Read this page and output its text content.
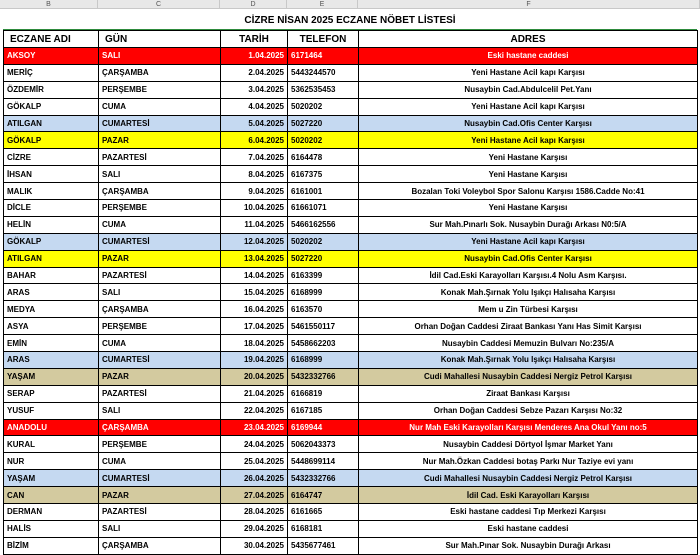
B	C	D	E	F
CİZRE NİSAN 2025 ECZANE NÖBET LİSTESİ
ECZANE ADI	GÜN	TARİH	TELEFON	ADRES
AKSOY	SALI	1.04.2025	6171464	Eski hastane caddesi
MERİÇ	ÇARŞAMBA	2.04.2025	5443244570	Yeni Hastane Acil kapı Karşısı
ÖZDEMİR	PERŞEMBE	3.04.2025	5362535453	Nusaybin Cad.Abdulcelil Pet.Yanı
GÖKALP	CUMA	4.04.2025	5020202	Yeni Hastane Acil kapı Karşısı
ATILGAN	CUMARTESİ	5.04.2025	5027220	Nusaybin Cad.Ofis Center Karşısı
GÖKALP	PAZAR	6.04.2025	5020202	Yeni Hastane Acil kapı Karşısı
CİZRE	PAZARTESİ	7.04.2025	6164478	Yeni Hastane Karşısı
İHSAN	SALI	8.04.2025	6167375	Yeni Hastane Karşısı
MALIK	ÇARŞAMBA	9.04.2025	6161001	Bozalan Toki Voleybol Spor Salonu Karşısı 1586.Cadde No:41
DİCLE	PERŞEMBE	10.04.2025	61661071	Yeni Hastane Karşısı
HELİN	CUMA	11.04.2025	5466162556	Sur Mah.Pınarlı Sok. Nusaybin Durağı Arkası N0:5/A
GÖKALP	CUMARTESİ	12.04.2025	5020202	Yeni Hastane Acil kapı Karşısı
ATILGAN	PAZAR	13.04.2025	5027220	Nusaybin Cad.Ofis Center Karşısı
BAHAR	PAZARTESİ	14.04.2025	6163399	İdil Cad.Eski Karayolları Karşısı.4 Nolu Asm Karşısı.
ARAS	SALI	15.04.2025	6168999	Konak Mah.Şırnak Yolu Işıkçı Halısaha Karşısı
MEDYA	ÇARŞAMBA	16.04.2025	6163570	Mem u Zin Türbesi Karşısı
ASYA	PERŞEMBE	17.04.2025	5461550117	Orhan Doğan Caddesi Ziraat Bankası Yanı Has Simit Karşısı
EMİN	CUMA	18.04.2025	5458662203	Nusaybin Caddesi Memuzin Bulvarı No:235/A
ARAS	CUMARTESİ	19.04.2025	6168999	Konak Mah.Şırnak Yolu Işıkçı Halısaha Karşısı
YAŞAM	PAZAR	20.04.2025	5432332766	Cudi Mahallesi Nusaybin Caddesi Nergiz Petrol Karşısı
SERAP	PAZARTESİ	21.04.2025	6166819	Ziraat Bankası Karşısı
YUSUF	SALI	22.04.2025	6167185	Orhan Doğan Caddesi Sebze Pazarı Karşısı No:32
ANADOLU	ÇARŞAMBA	23.04.2025	6169944	Nur Mah Eski Karayolları Karşısı Menderes Ana Okul Yanı no:5
KURAL	PERŞEMBE	24.04.2025	5062043373	Nusaybin Caddesi Dörtyol İşmar Market Yanı
NUR	CUMA	25.04.2025	5448699114	Nur Mah.Özkan Caddesi botaş Parkı Nur Taziye evi yanı
YAŞAM	CUMARTESİ	26.04.2025	5432332766	Cudi Mahallesi Nusaybin Caddesi Nergiz Petrol Karşısı
CAN	PAZAR	27.04.2025	6164747	İdil Cad. Eski Karayolları Karşısı
DERMAN	PAZARTESİ	28.04.2025	6161665	Eski hastane caddesi Tıp Merkezi Karşısı
HALİS	SALI	29.04.2025	6168181	Eski hastane caddesi
BİZİM	ÇARŞAMBA	30.04.2025	5435677461	Sur Mah.Pınar Sok. Nusaybin Durağı Arkası
